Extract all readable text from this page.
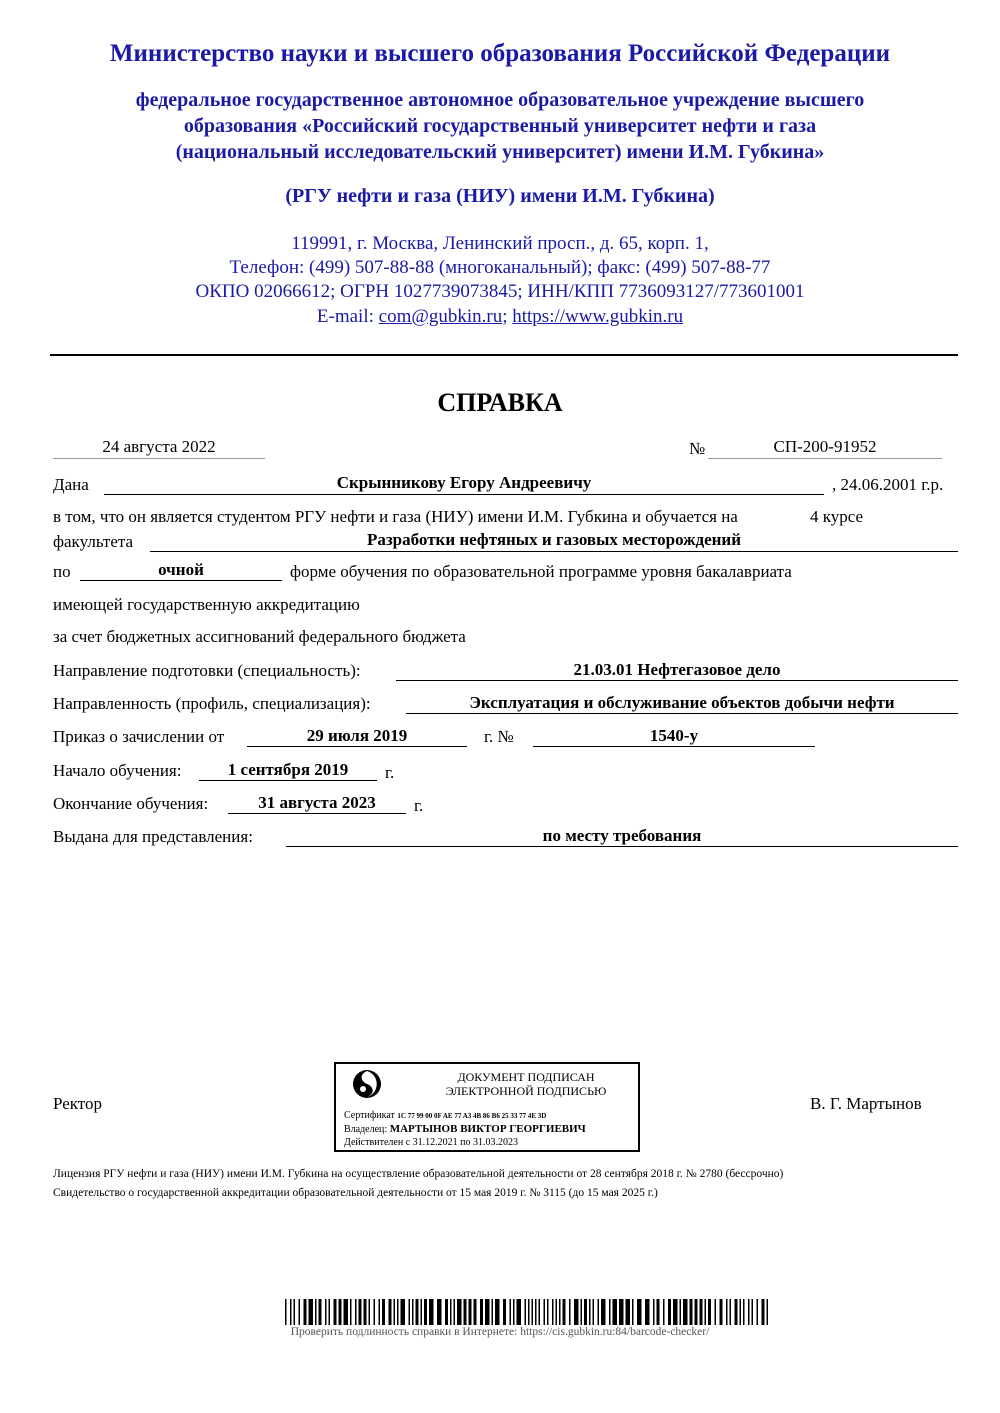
Министерство науки и высшего образования Российской Федерации
федеральное государственное автономное образовательное учреждение высшего
образования «Российский государственный университет нефти и газа
(национальный исследовательский университет) имени И.М. Губкина»
(РГУ нефти и газа (НИУ) имени И.М. Губкина)
119991, г. Москва, Ленинский просп., д. 65, корп. 1,
Телефон: (499) 507-88-88 (многоканальный); факс: (499) 507-88-77
ОКПО 02066612; ОГРН 1027739073845; ИНН/КПП 7736093127/773601001
E-mail: com@gubkin.ru; https://www.gubkin.ru
СПРАВКА
24 августа 2022	№	СП-200-91952
Дана	Скрынникову Егору Андреевичу	, 24.06.2001 г.р.
в том, что он является студентом РГУ нефти и газа (НИУ) имени И.М. Губкина и обучается на	4 курсе
факультета	Разработки нефтяных и газовых месторождений
по	очной	форме обучения по образовательной программе уровня бакалавриата
имеющей государственную аккредитацию
за счет бюджетных ассигнований федерального бюджета
Направление подготовки (специальность):	21.03.01 Нефтегазовое дело
Направленность (профиль, специализация):	Эксплуатация и обслуживание объектов добычи нефти
Приказ о зачислении от	29 июля 2019	г. №	1540-у
Начало обучения:	1 сентября 2019	г.
Окончание обучения:	31 августа 2023	г.
Выдана для представления:	по месту требования
Ректор	В. Г. Мартынов
ДОКУМЕНТ ПОДПИСАН
ЭЛЕКТРОННОЙ ПОДПИСЬЮ
Сертификат 1C 77 99 00 0F AE 77 A3 4B 86 B6 25 33 77 4E 3D
Владелец: МАРТЫНОВ ВИКТОР ГЕОРГИЕВИЧ
Действителен с 31.12.2021 по 31.03.2023
Лицензия РГУ нефти и газа (НИУ) имени И.М. Губкина на осуществление образовательной деятельности от 28 сентября 2018 г. № 2780 (бессрочно)
Свидетельство о государственной аккредитации образовательной деятельности от 15 мая 2019 г. № 3115 (до 15 мая 2025 г.)
Проверить подлинность справки в Интернете: https://cis.gubkin.ru:84/barcode-checker/
